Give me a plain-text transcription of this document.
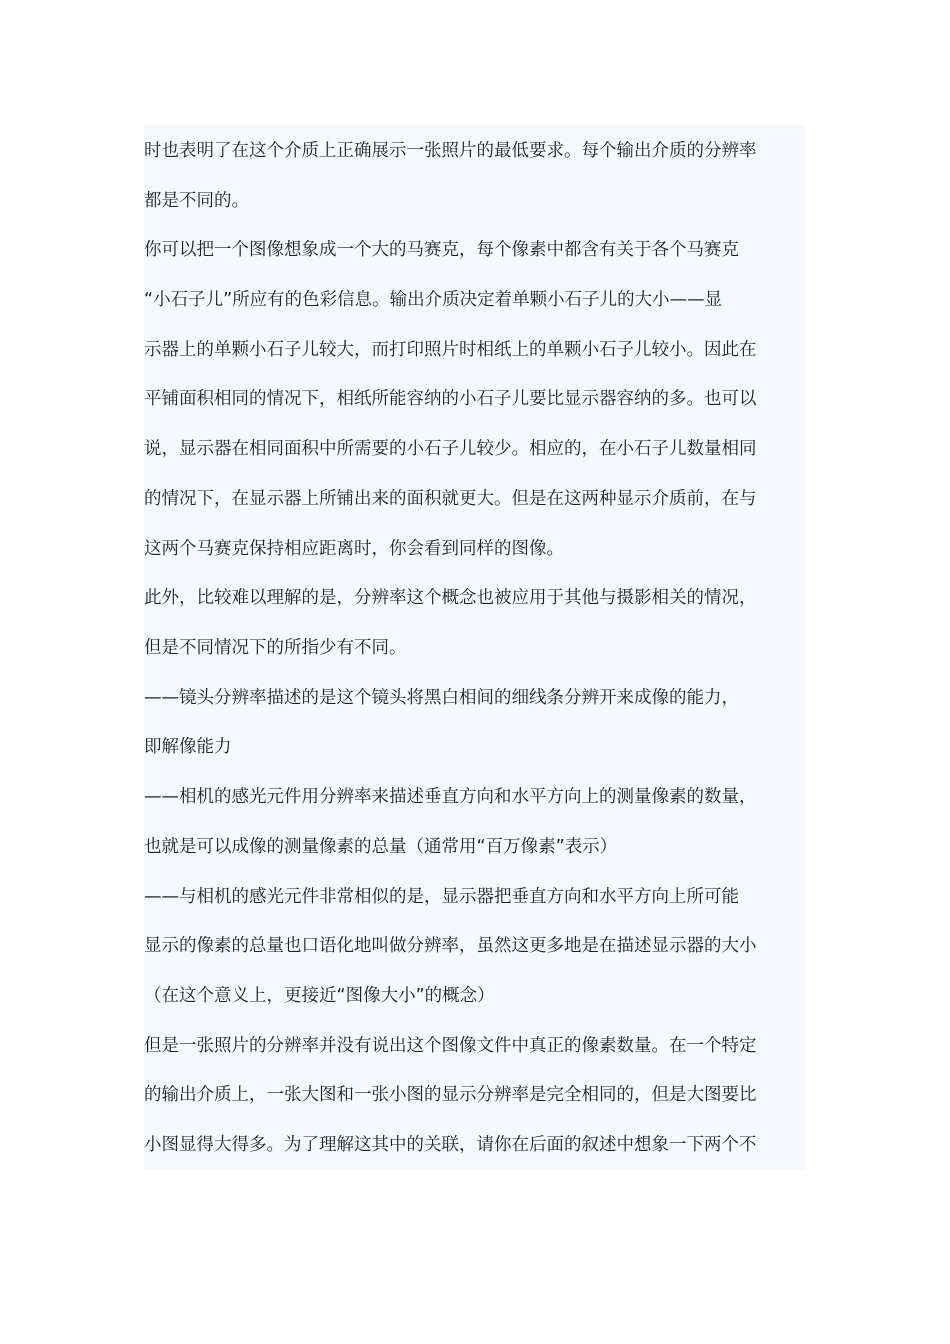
时也表明了在这个介质上正确展示一张照片的最低要求。每个输出介质的分辨率
都是不同的。
你可以把一个图像想象成一个大的马赛克，每个像素中都含有关于各个马赛克
“小石子儿”所应有的色彩信息。输出介质决定着单颗小石子儿的大小——显
示器上的单颗小石子儿较大，而打印照片时相纸上的单颗小石子儿较小。因此在
平铺面积相同的情况下，相纸所能容纳的小石子儿要比显示器容纳的多。也可以
说，显示器在相同面积中所需要的小石子儿较少。相应的，在小石子儿数量相同
的情况下，在显示器上所铺出来的面积就更大。但是在这两种显示介质前，在与
这两个马赛克保持相应距离时，你会看到同样的图像。
此外，比较难以理解的是，分辨率这个概念也被应用于其他与摄影相关的情况，
但是不同情况下的所指少有不同。
——镜头分辨率描述的是这个镜头将黑白相间的细线条分辨开来成像的能力，
即解像能力
——相机的感光元件用分辨率来描述垂直方向和水平方向上的测量像素的数量，
也就是可以成像的测量像素的总量（通常用“百万像素”表示）
——与相机的感光元件非常相似的是，显示器把垂直方向和水平方向上所可能
显示的像素的总量也口语化地叫做分辨率，虽然这更多地是在描述显示器的大小
（在这个意义上，更接近“图像大小”的概念）
但是一张照片的分辨率并没有说出这个图像文件中真正的像素数量。在一个特定
的输出介质上，一张大图和一张小图的显示分辨率是完全相同的，但是大图要比
小图显得大得多。为了理解这其中的关联，请你在后面的叙述中想象一下两个不
